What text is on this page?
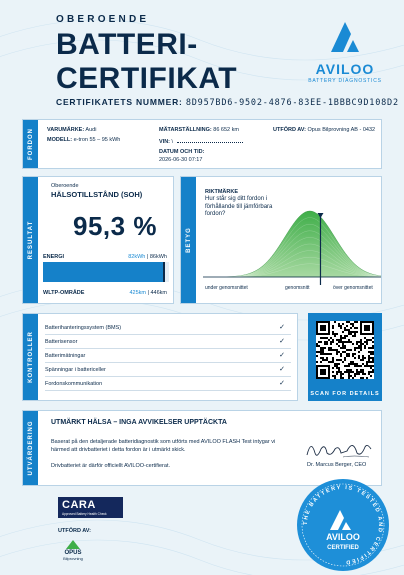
OBEROENDE
BATTERI-
CERTIFIKAT	AVILOO
BATTERY DIAGNOSTICS
CERTIFIKATETS NUMMER: 8D957BD6-9502-4876-83EE-1BBBC9D108D2
FORDON VARUMÄRKE: Audi
MODELL: e-tron 55 – 95 kWh
MÄTARSTÄLLNING: 86 652 km
VIN: \
DATUM OCH TID:
2026-06-30 07:17
UTFÖRD AV: Opus Bilprovning AB - 0432
RESULTAT
Oberoende
HÄLSOTILLSTÅND (SOH)
95,3 %
ENERGI	82kWh | 86kWh
WLTP-OMRÅDE	425km | 446km
BETYG
RIKTMÄRKE
Hur står sig ditt fordon i förhållande till jämförbara fordon?
under genomsnittet	genomsnitt	över genomsnittet
KONTROLLER
Batterihanteringssystem (BMS)	✓
Batterisensor	✓
Batterimätningar	✓
Spänningar i battericeller	✓
Fordonskommunikation	✓
SCAN FOR DETAILS
UTVÄRDERING	UTMÄRKT HÄLSA – INGA AVVIKELSER UPPTÄCKTA
Baserat på den detaljerade batteridiagnostik som utförts med AVILOO FLASH Test intygar vi härmed att drivbatteriet i detta fordon är i utmärkt skick.
Drivbatteriet är därför officiellt AVILOO-certifierat.	Dr. Marcus Berger, CEO
CARA
Approved Battery Health Check
UTFÖRD AV:
OPUS
Bilprovning
THE BATTERY IS TESTED AND CERTIFIED
AVILOO
CERTIFIED
